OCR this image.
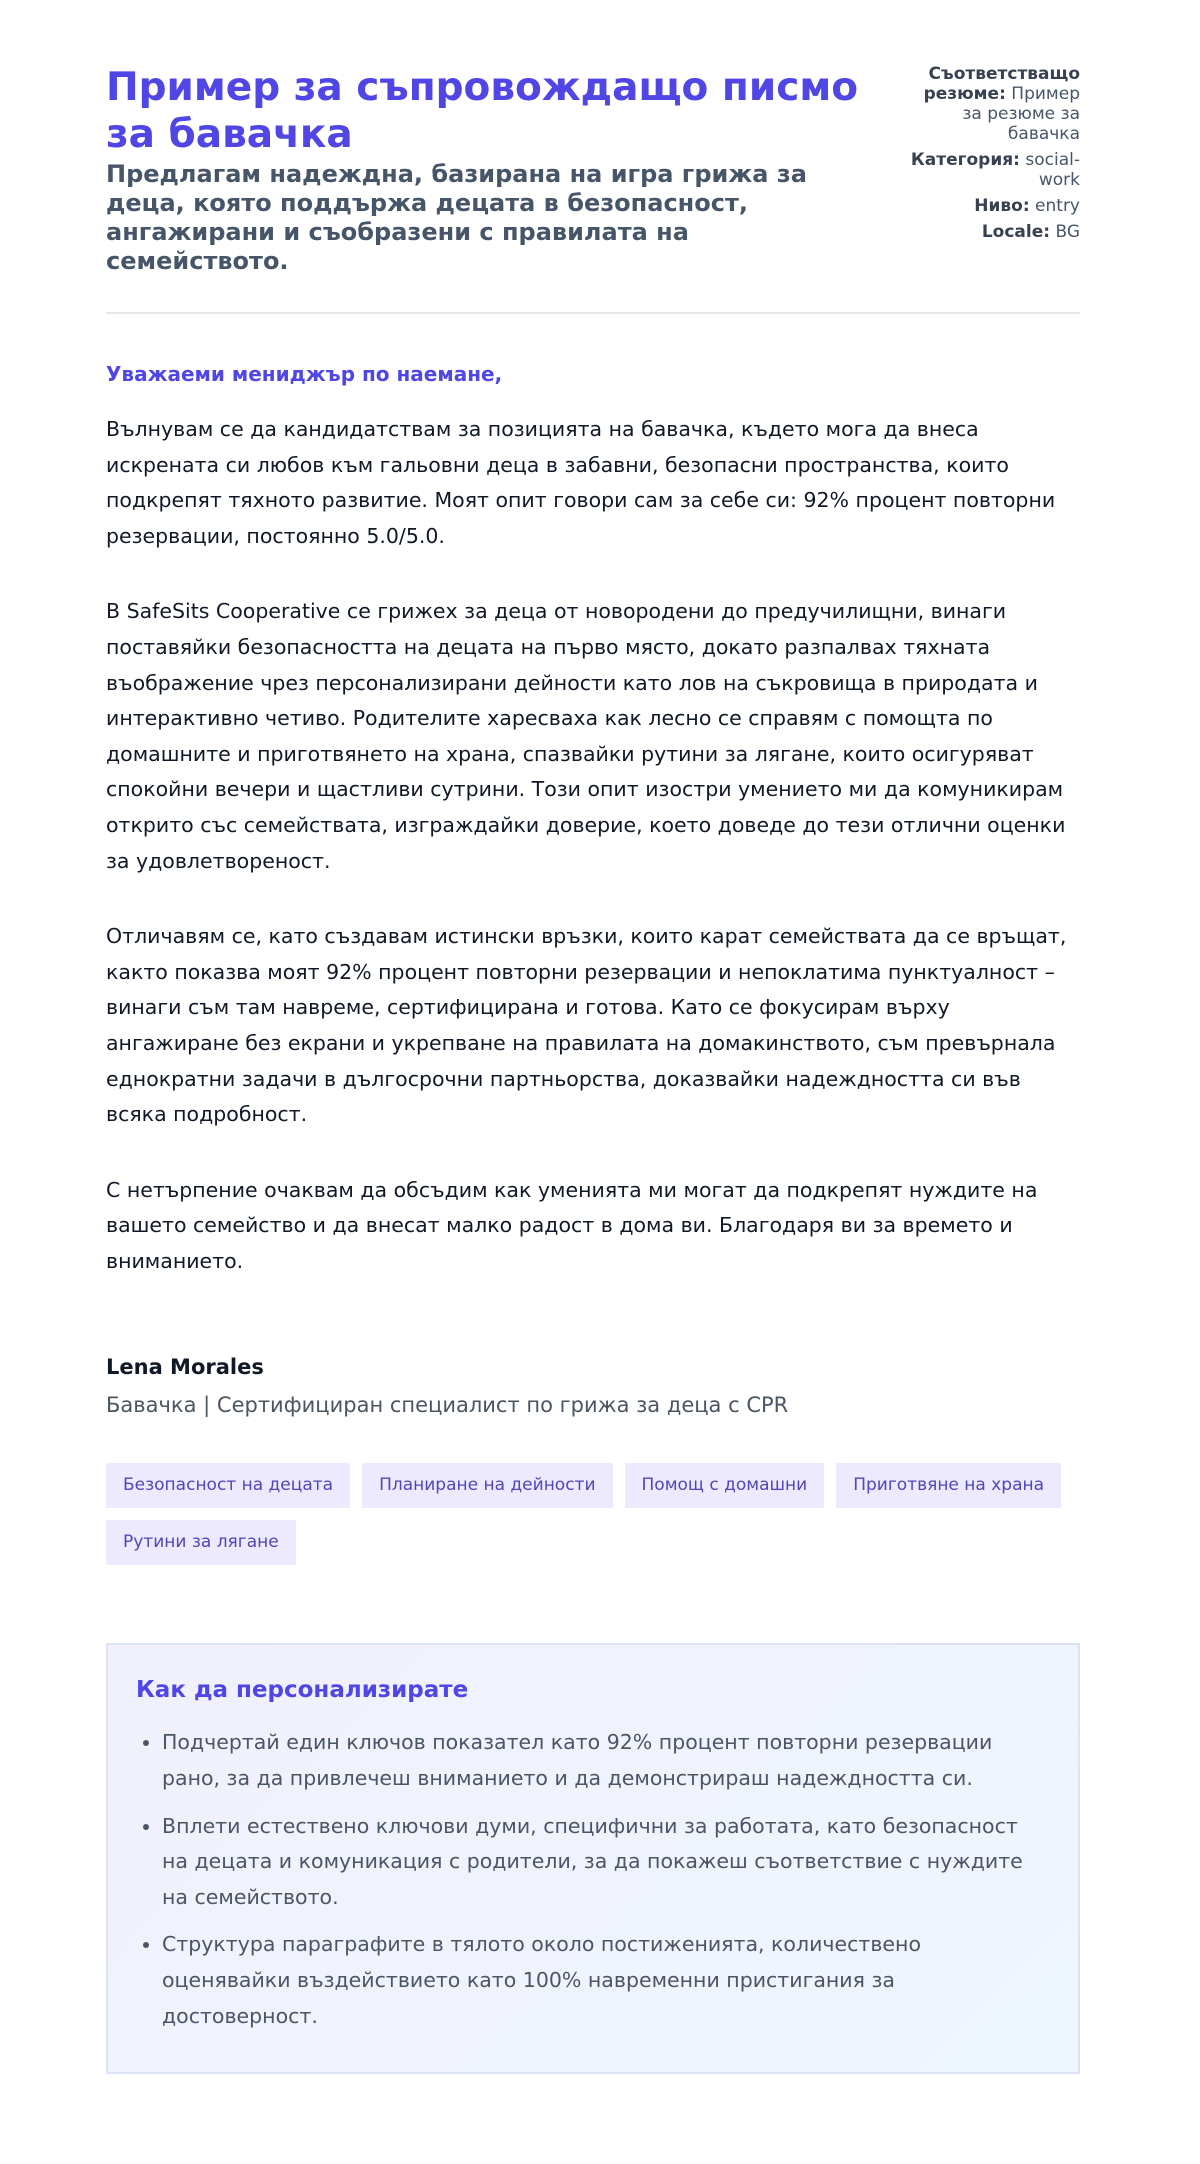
Пример за съпровождащо писмо за бавачка

Предлагам надеждна, базирана на игра грижа за деца, която поддържа децата в безопасност, ангажирани и съобразени с правилата на семейството.

Съответстващо резюме: Пример за резюме за бавачка
Категория: social-work
Ниво: entry
Locale: BG
Уважаеми мениджър по наемане,

Вълнувам се да кандидатствам за позицията на бавачка, където мога да внеса искрената си любов към гальовни деца в забавни, безопасни пространства, които подкрепят тяхното развитие. Моят опит говори сам за себе си: 92% процент повторни резервации, постоянно 5.0/5.0.

В SafeSits Cooperative се грижех за деца от новородени до предучилищни, винаги поставяйки безопасността на децата на първо място, докато разпалвах тяхната въображение чрез персонализирани дейности като лов на съкровища в природата и интерактивно четиво. Родителите харесваха как лесно се справям с помощта по домашните и приготвянето на храна, спазвайки рутини за лягане, които осигуряват спокойни вечери и щастливи сутрини. Този опит изостри умението ми да комуникирам открито със семействата, изграждайки доверие, което доведе до тези отлични оценки за удовлетвореност.

Отличавям се, като създавам истински връзки, които карат семействата да се връщат, както показва моят 92% процент повторни резервации и непоклатима пунктуалност – винаги съм там навреме, сертифицирана и готова. Като се фокусирам върху ангажиране без екрани и укрепване на правилата на домакинството, съм превърнала еднократни задачи в дългосрочни партньорства, доказвайки надеждността си във всяка подробност.

С нетърпение очаквам да обсъдим как уменията ми могат да подкрепят нуждите на вашето семейство и да внесат малко радост в дома ви. Благодаря ви за времето и вниманието.

Lena Morales
Бавачка | Сертифициран специалист по грижа за деца с CPR
Безопасност на децата	Планиране на дейности	Помощ с домашни	Приготвяне на храна
Рутини за лягане
Как да персонализирате
• Подчертай един ключов показател като 92% процент повторни резервации рано, за да привлечеш вниманието и да демонстрираш надеждността си.
• Вплети естествено ключови думи, специфични за работата, като безопасност на децата и комуникация с родители, за да покажеш съответствие с нуждите на семейството.
• Структура параграфите в тялото около постиженията, количествено оценявайки въздействието като 100% навременни пристигания за достоверност.
